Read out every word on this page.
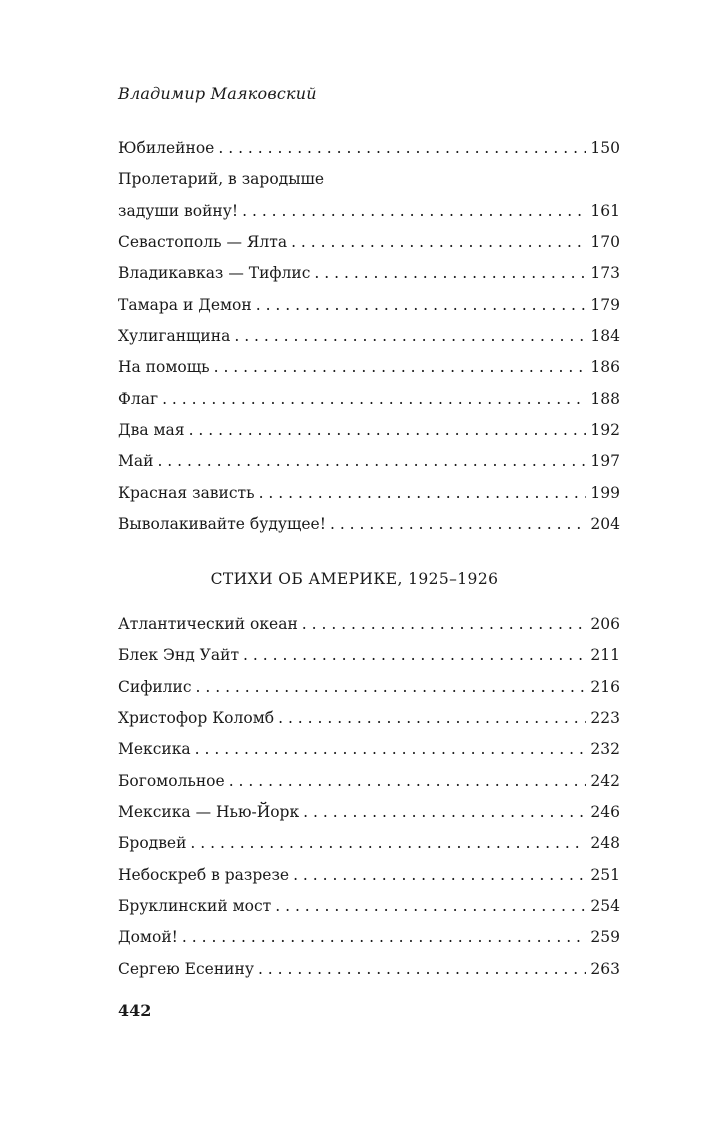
Владимир Маяковский
Юбилейное . . .	150
Пролетарий, в зародыше
задуши войну! . . .	161
Севастополь — Ялта . . .	170
Владикавказ — Тифлис . . .	173
Тамара и Демон . . .	179
Хулиганщина . . .	184
На помощь . . .	186
Флаг . . .	188
Два мая . . .	192
Май . . .	197
Красная зависть . . .	199
Выволакивайте будущее! . . .	204
СТИХИ ОБ АМЕРИКЕ, 1925–1926
Атлантический океан . . .	206
Блек Энд Уайт . . .	211
Сифилис . . .	216
Христофор Коломб . . .	223
Мексика . . .	232
Богомольное . . .	242
Мексика — Нью-Йорк . . .	246
Бродвей . . .	248
Небоскреб в разрезе . . .	251
Бруклинский мост . . .	254
Домой! . . .	259
Сергею Есенину . . .	263
442
